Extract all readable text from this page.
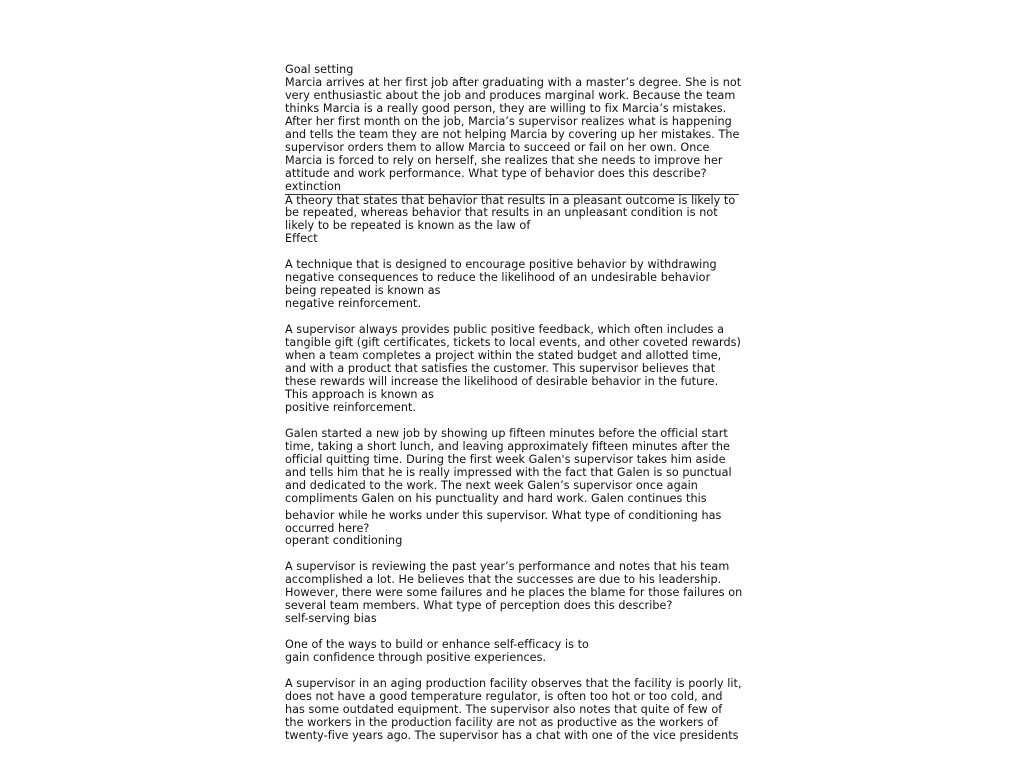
Goal setting
Marcia arrives at her first job after graduating with a master’s degree. She is not
very enthusiastic about the job and produces marginal work. Because the team
thinks Marcia is a really good person, they are willing to fix Marcia’s mistakes.
After her first month on the job, Marcia’s supervisor realizes what is happening
and tells the team they are not helping Marcia by covering up her mistakes. The
supervisor orders them to allow Marcia to succeed or fail on her own. Once
Marcia is forced to rely on herself, she realizes that she needs to improve her
attitude and work performance. What type of behavior does this describe?
extinction
A theory that states that behavior that results in a pleasant outcome is likely to
be repeated, whereas behavior that results in an unpleasant condition is not
likely to be repeated is known as the law of
Effect
A technique that is designed to encourage positive behavior by withdrawing
negative consequences to reduce the likelihood of an undesirable behavior
being repeated is known as
negative reinforcement.
A supervisor always provides public positive feedback, which often includes a
tangible gift (gift certificates, tickets to local events, and other coveted rewards)
when a team completes a project within the stated budget and allotted time,
and with a product that satisfies the customer. This supervisor believes that
these rewards will increase the likelihood of desirable behavior in the future.
This approach is known as
positive reinforcement.
Galen started a new job by showing up fifteen minutes before the official start
time, taking a short lunch, and leaving approximately fifteen minutes after the
official quitting time. During the first week Galen's supervisor takes him aside
and tells him that he is really impressed with the fact that Galen is so punctual
and dedicated to the work. The next week Galen’s supervisor once again
compliments Galen on his punctuality and hard work. Galen continues this
behavior while he works under this supervisor. What type of conditioning has
occurred here?
operant conditioning
A supervisor is reviewing the past year’s performance and notes that his team
accomplished a lot. He believes that the successes are due to his leadership.
However, there were some failures and he places the blame for those failures on
several team members. What type of perception does this describe?
self-serving bias
One of the ways to build or enhance self-efficacy is to
gain confidence through positive experiences.
A supervisor in an aging production facility observes that the facility is poorly lit,
does not have a good temperature regulator, is often too hot or too cold, and
has some outdated equipment. The supervisor also notes that quite of few of
the workers in the production facility are not as productive as the workers of
twenty-five years ago. The supervisor has a chat with one of the vice presidents
